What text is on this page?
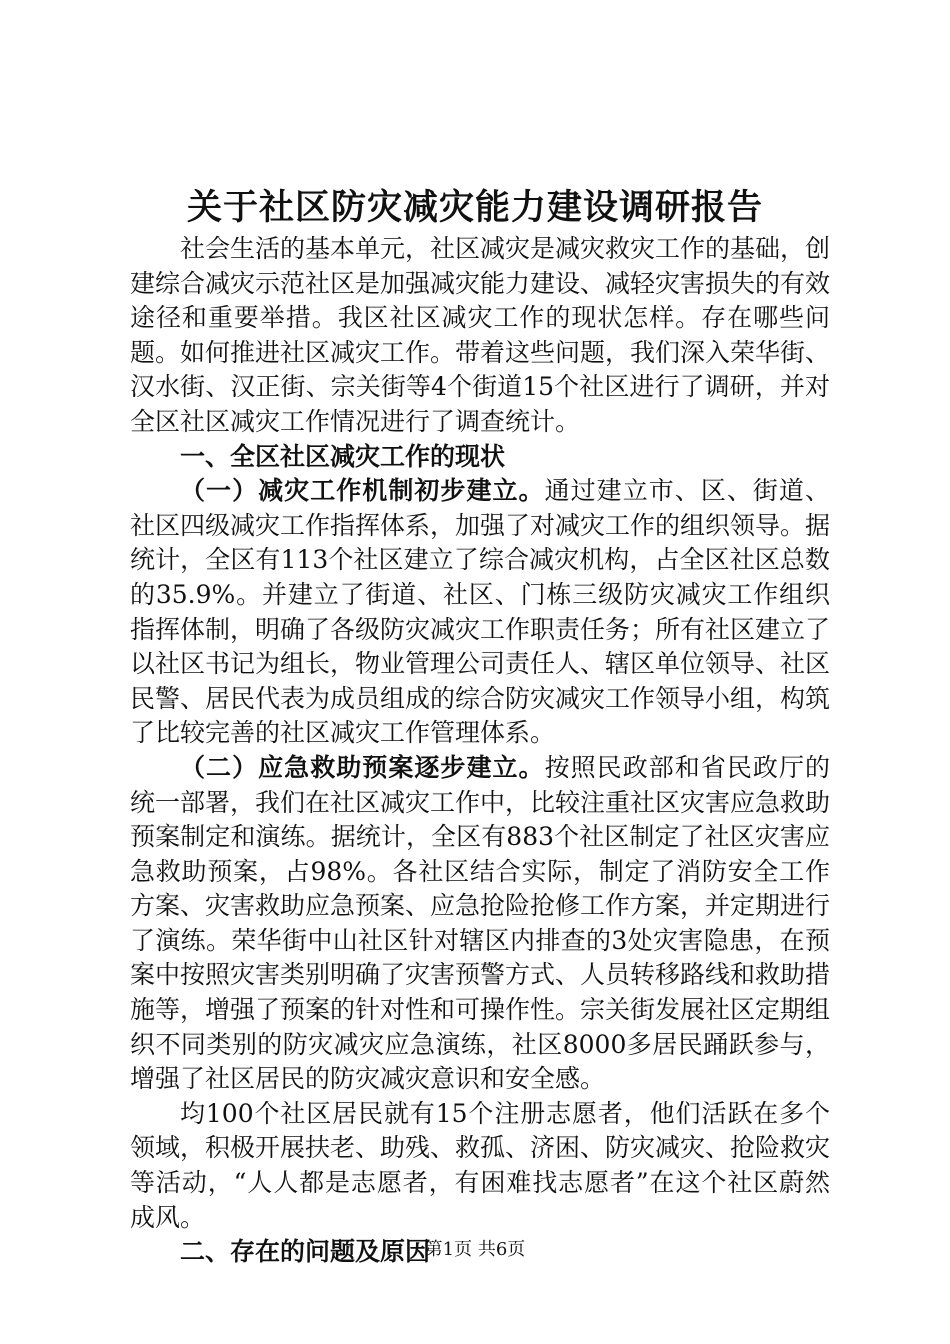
关于社区防灾减灾能力建设调研报告

社会生活的基本单元，社区减灾是减灾救灾工作的基础，创建综合减灾示范社区是加强减灾能力建设、减轻灾害损失的有效途径和重要举措。我区社区减灾工作的现状怎样。存在哪些问题。如何推进社区减灾工作。带着这些问题，我们深入荣华街、汉水街、汉正街、宗关街等4个街道15个社区进行了调研，并对全区社区减灾工作情况进行了调查统计。

一、全区社区减灾工作的现状

（一）减灾工作机制初步建立。通过建立市、区、街道、社区四级减灾工作指挥体系，加强了对减灾工作的组织领导。据统计，全区有113个社区建立了综合减灾机构，占全区社区总数的35.9%。并建立了街道、社区、门栋三级防灾减灾工作组织指挥体制，明确了各级防灾减灾工作职责任务；所有社区建立了以社区书记为组长，物业管理公司责任人、辖区单位领导、社区民警、居民代表为成员组成的综合防灾减灾工作领导小组，构筑了比较完善的社区减灾工作管理体系。

（二）应急救助预案逐步建立。按照民政部和省民政厅的统一部署，我们在社区减灾工作中，比较注重社区灾害应急救助预案制定和演练。据统计，全区有883个社区制定了社区灾害应急救助预案，占98%。各社区结合实际，制定了消防安全工作方案、灾害救助应急预案、应急抢险抢修工作方案，并定期进行了演练。荣华街中山社区针对辖区内排查的3处灾害隐患，在预案中按照灾害类别明确了灾害预警方式、人员转移路线和救助措施等，增强了预案的针对性和可操作性。宗关街发展社区定期组织不同类别的防灾减灾应急演练，社区8000多居民踊跃参与，增强了社区居民的防灾减灾意识和安全感。

均100个社区居民就有15个注册志愿者，他们活跃在多个领域，积极开展扶老、助残、救孤、济困、防灾减灾、抢险救灾等活动，“人人都是志愿者，有困难找志愿者”在这个社区蔚然成风。

二、存在的问题及原因

第1页 共6页
